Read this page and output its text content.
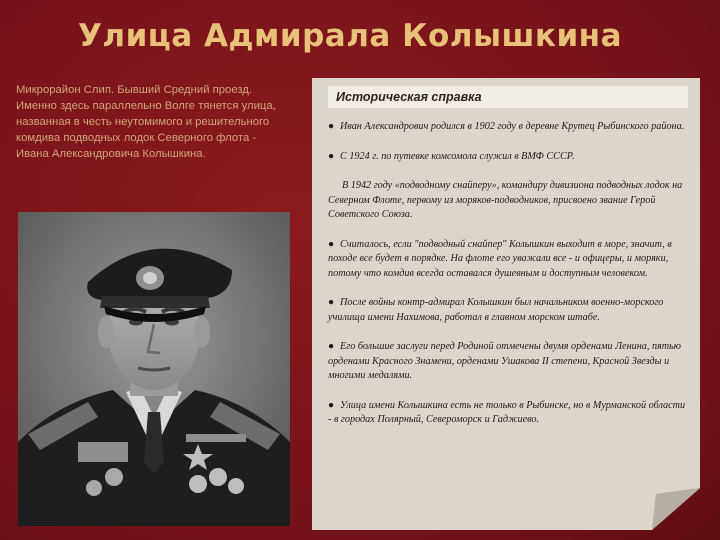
Улица Адмирала Колышкина
Микрорайон Слип. Бывший Средний проезд. Именно здесь параллельно Волге тянется улица, названная в честь неутомимого и решительного комдива подводных лодок Северного флота - Ивана Александровича Колышкина.
Историческая справка

● Иван Александрович родился в 1902 году в деревне Крутец Рыбинского района.

● С 1924 г. по путевке комсомола служил в ВМФ СССР.

В 1942 году «подводному снайперу», командиру дивизиона подводных лодок на Северном Флоте, первому из моряков-подводников, присвоено звание Герой Советского Союза.

● Считалось, если "подводный снайпер" Колышкин выходит в море, значит, в походе все будет в порядке. На флоте его уважали все - и офицеры, и моряки, потому что комдив всегда оставался душевным и доступным человеком.

● После войны контр-адмирал Колышкин был начальником военно-морского училища имени Нахимова, работал в главном морском штабе.

● Его большие заслуги перед Родиной отмечены двумя орденами Ленина, пятью орденами Красного Знамени, орденами Ушакова II степени, Красной Звезды и многими медалями.

● Улица имени Колышкина есть не только в Рыбинске, но в Мурманской области - в городах Полярный, Североморск и Гаджиево.
